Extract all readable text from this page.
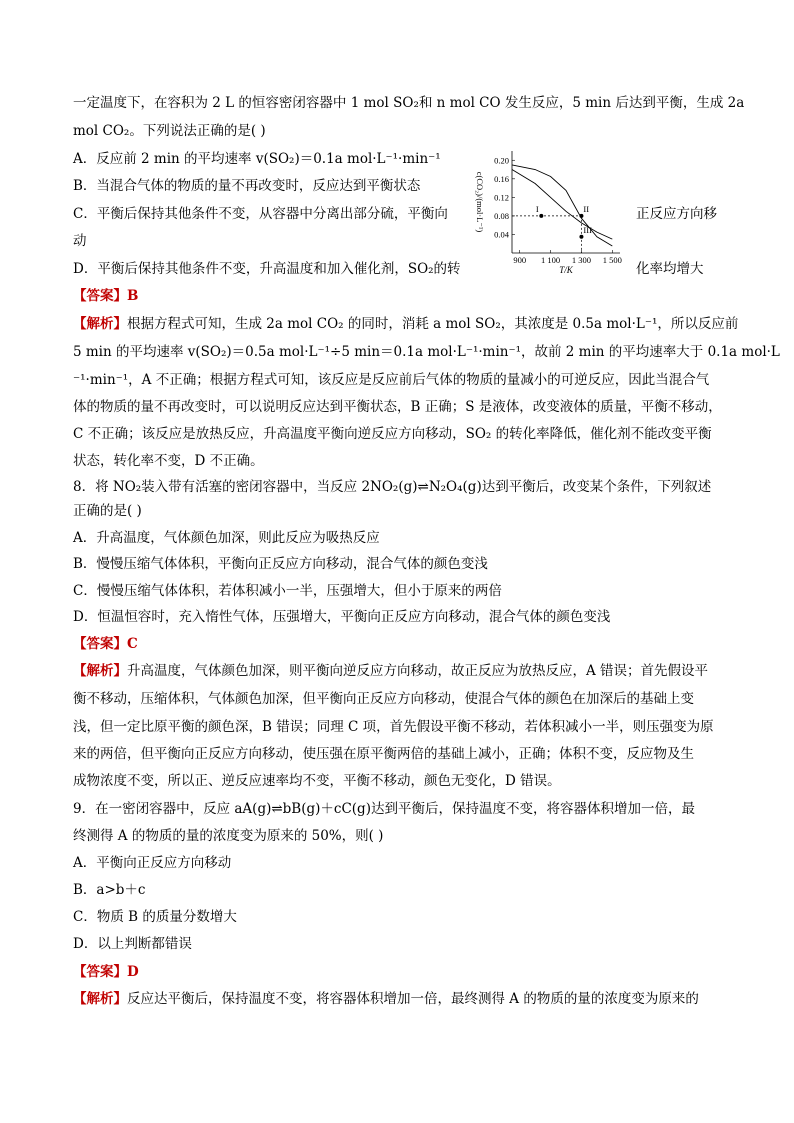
一定温度下，在容积为 2 L 的恒容密闭容器中 1 mol SO₂和 n mol CO 发生反应，5 min 后达到平衡，生成 2a
mol CO₂。下列说法正确的是( )
A．反应前 2 min 的平均速率 v(SO₂)＝0.1a mol·L⁻¹·min⁻¹
B．当混合气体的物质的量不再改变时，反应达到平衡状态
C．平衡后保持其他条件不变，从容器中分离出部分硫，平衡向	正反应方向移
动
D．平衡后保持其他条件不变，升高温度和加入催化剂，SO₂的转	化率均增大
0.04
0.08
0.12
0.16
0.20
900 1 100 1 300 1 500
T/K
c(CO₂)/(mol·L⁻¹)	I	II
III
【答案】B
【解析】根据方程式可知，生成 2a mol CO₂ 的同时，消耗 a mol SO₂，其浓度是 0.5a mol·L⁻¹，所以反应前
5 min 的平均速率 v(SO₂)＝0.5a mol·L⁻¹÷5 min＝0.1a mol·L⁻¹·min⁻¹，故前 2 min 的平均速率大于 0.1a mol·L
⁻¹·min⁻¹，A 不正确；根据方程式可知，该反应是反应前后气体的物质的量减小的可逆反应，因此当混合气
体的物质的量不再改变时，可以说明反应达到平衡状态，B 正确；S 是液体，改变液体的质量，平衡不移动，
C 不正确；该反应是放热反应，升高温度平衡向逆反应方向移动，SO₂ 的转化率降低，催化剂不能改变平衡
状态，转化率不变，D 不正确。
8．将 NO₂装入带有活塞的密闭容器中，当反应 2NO₂(g)⇌N₂O₄(g)达到平衡后，改变某个条件，下列叙述
正确的是( )
A．升高温度，气体颜色加深，则此反应为吸热反应
B．慢慢压缩气体体积，平衡向正反应方向移动，混合气体的颜色变浅
C．慢慢压缩气体体积，若体积减小一半，压强增大，但小于原来的两倍
D．恒温恒容时，充入惰性气体，压强增大，平衡向正反应方向移动，混合气体的颜色变浅
【答案】C
【解析】升高温度，气体颜色加深，则平衡向逆反应方向移动，故正反应为放热反应，A 错误；首先假设平
衡不移动，压缩体积，气体颜色加深，但平衡向正反应方向移动，使混合气体的颜色在加深后的基础上变
浅，但一定比原平衡的颜色深，B 错误；同理 C 项，首先假设平衡不移动，若体积减小一半，则压强变为原
来的两倍，但平衡向正反应方向移动，使压强在原平衡两倍的基础上减小，正确；体积不变，反应物及生
成物浓度不变，所以正、逆反应速率均不变，平衡不移动，颜色无变化，D 错误。
9．在一密闭容器中，反应 aA(g)⇌bB(g)＋cC(g)达到平衡后，保持温度不变，将容器体积增加一倍，最
终测得 A 的物质的量的浓度变为原来的 50%，则( )
A．平衡向正反应方向移动
B．a>b＋c
C．物质 B 的质量分数增大
D．以上判断都错误
【答案】D
【解析】反应达平衡后，保持温度不变，将容器体积增加一倍，最终测得 A 的物质的量的浓度变为原来的
